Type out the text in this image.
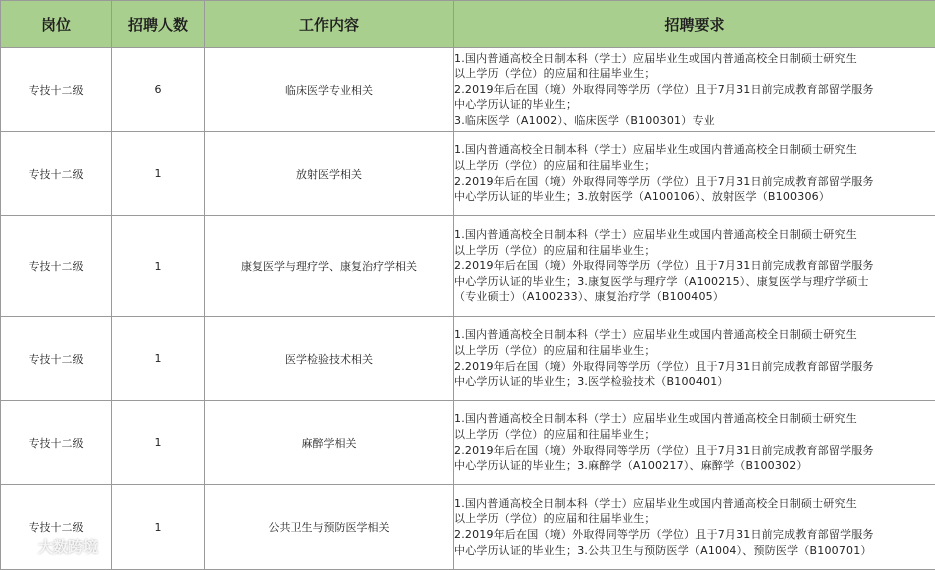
岗位	招聘人数	工作内容	招聘要求
专技十二级	6	临床医学专业相关	1.国内普通高校全日制本科（学士）应届毕业生或国内普通高校全日制硕士研究生
以上学历（学位）的应届和往届毕业生；
2.2019年后在国（境）外取得同等学历（学位）且于7月31日前完成教育部留学服务
中心学历认证的毕业生；
3.临床医学（A1002）、临床医学（B100301）专业

专技十二级	1	放射医学相关	1.国内普通高校全日制本科（学士）应届毕业生或国内普通高校全日制硕士研究生
以上学历（学位）的应届和往届毕业生；
2.2019年后在国（境）外取得同等学历（学位）且于7月31日前完成教育部留学服务
中心学历认证的毕业生；3.放射医学（A100106）、放射医学（B100306）

专技十二级	1	康复医学与理疗学、康复治疗学相关	1.国内普通高校全日制本科（学士）应届毕业生或国内普通高校全日制硕士研究生
以上学历（学位）的应届和往届毕业生；
2.2019年后在国（境）外取得同等学历（学位）且于7月31日前完成教育部留学服务
中心学历认证的毕业生；3.康复医学与理疗学（A100215）、康复医学与理疗学硕士
（专业硕士）（A100233）、康复治疗学（B100405）

专技十二级	1	医学检验技术相关	1.国内普通高校全日制本科（学士）应届毕业生或国内普通高校全日制硕士研究生
以上学历（学位）的应届和往届毕业生；
2.2019年后在国（境）外取得同等学历（学位）且于7月31日前完成教育部留学服务
中心学历认证的毕业生；3.医学检验技术（B100401）

专技十二级	1	麻醉学相关	1.国内普通高校全日制本科（学士）应届毕业生或国内普通高校全日制硕士研究生
以上学历（学位）的应届和往届毕业生；
2.2019年后在国（境）外取得同等学历（学位）且于7月31日前完成教育部留学服务
中心学历认证的毕业生；3.麻醉学（A100217）、麻醉学（B100302）

专技十二级	1	公共卫生与预防医学相关	1.国内普通高校全日制本科（学士）应届毕业生或国内普通高校全日制硕士研究生
以上学历（学位）的应届和往届毕业生；
2.2019年后在国（境）外取得同等学历（学位）且于7月31日前完成教育部留学服务
中心学历认证的毕业生；3.公共卫生与预防医学（A1004）、预防医学（B100701）
大数跨境
